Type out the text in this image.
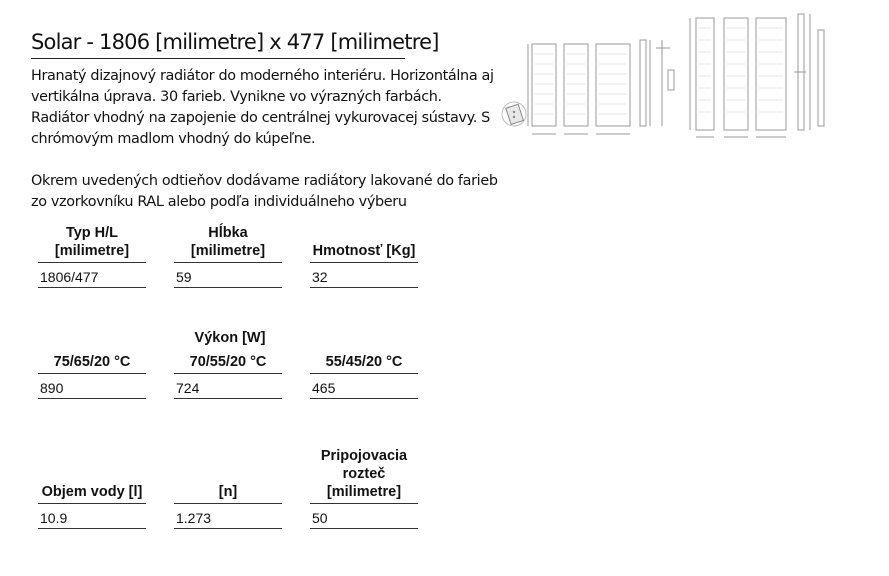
Solar - 1806 [milimetre] x 477 [milimetre]

Hranatý dizajnový radiátor do moderného interiéru. Horizontálna aj vertikálna úprava. 30 farieb. Vynikne vo výrazných farbách. Radiátor vhodný na zapojenie do centrálnej vykurovacej sústavy. S chrómovým madlom vhodný do kúpeľne.

Okrem uvedených odtieňov dodávame radiátory lakované do farieb zo vzorkovníku RAL alebo podľa individuálneho výberu

Typ H/L
[milimetre]
1806/477
Hĺbka
[milimetre]
59
Hmotnosť [Kg]
32
Výkon [W]
75/65/20 °C
890
70/55/20 °C
724
55/45/20 °C
465
Objem vody [l]
10.9
[n]
1.273
Pripojovacia
rozteč
[milimetre]
50
